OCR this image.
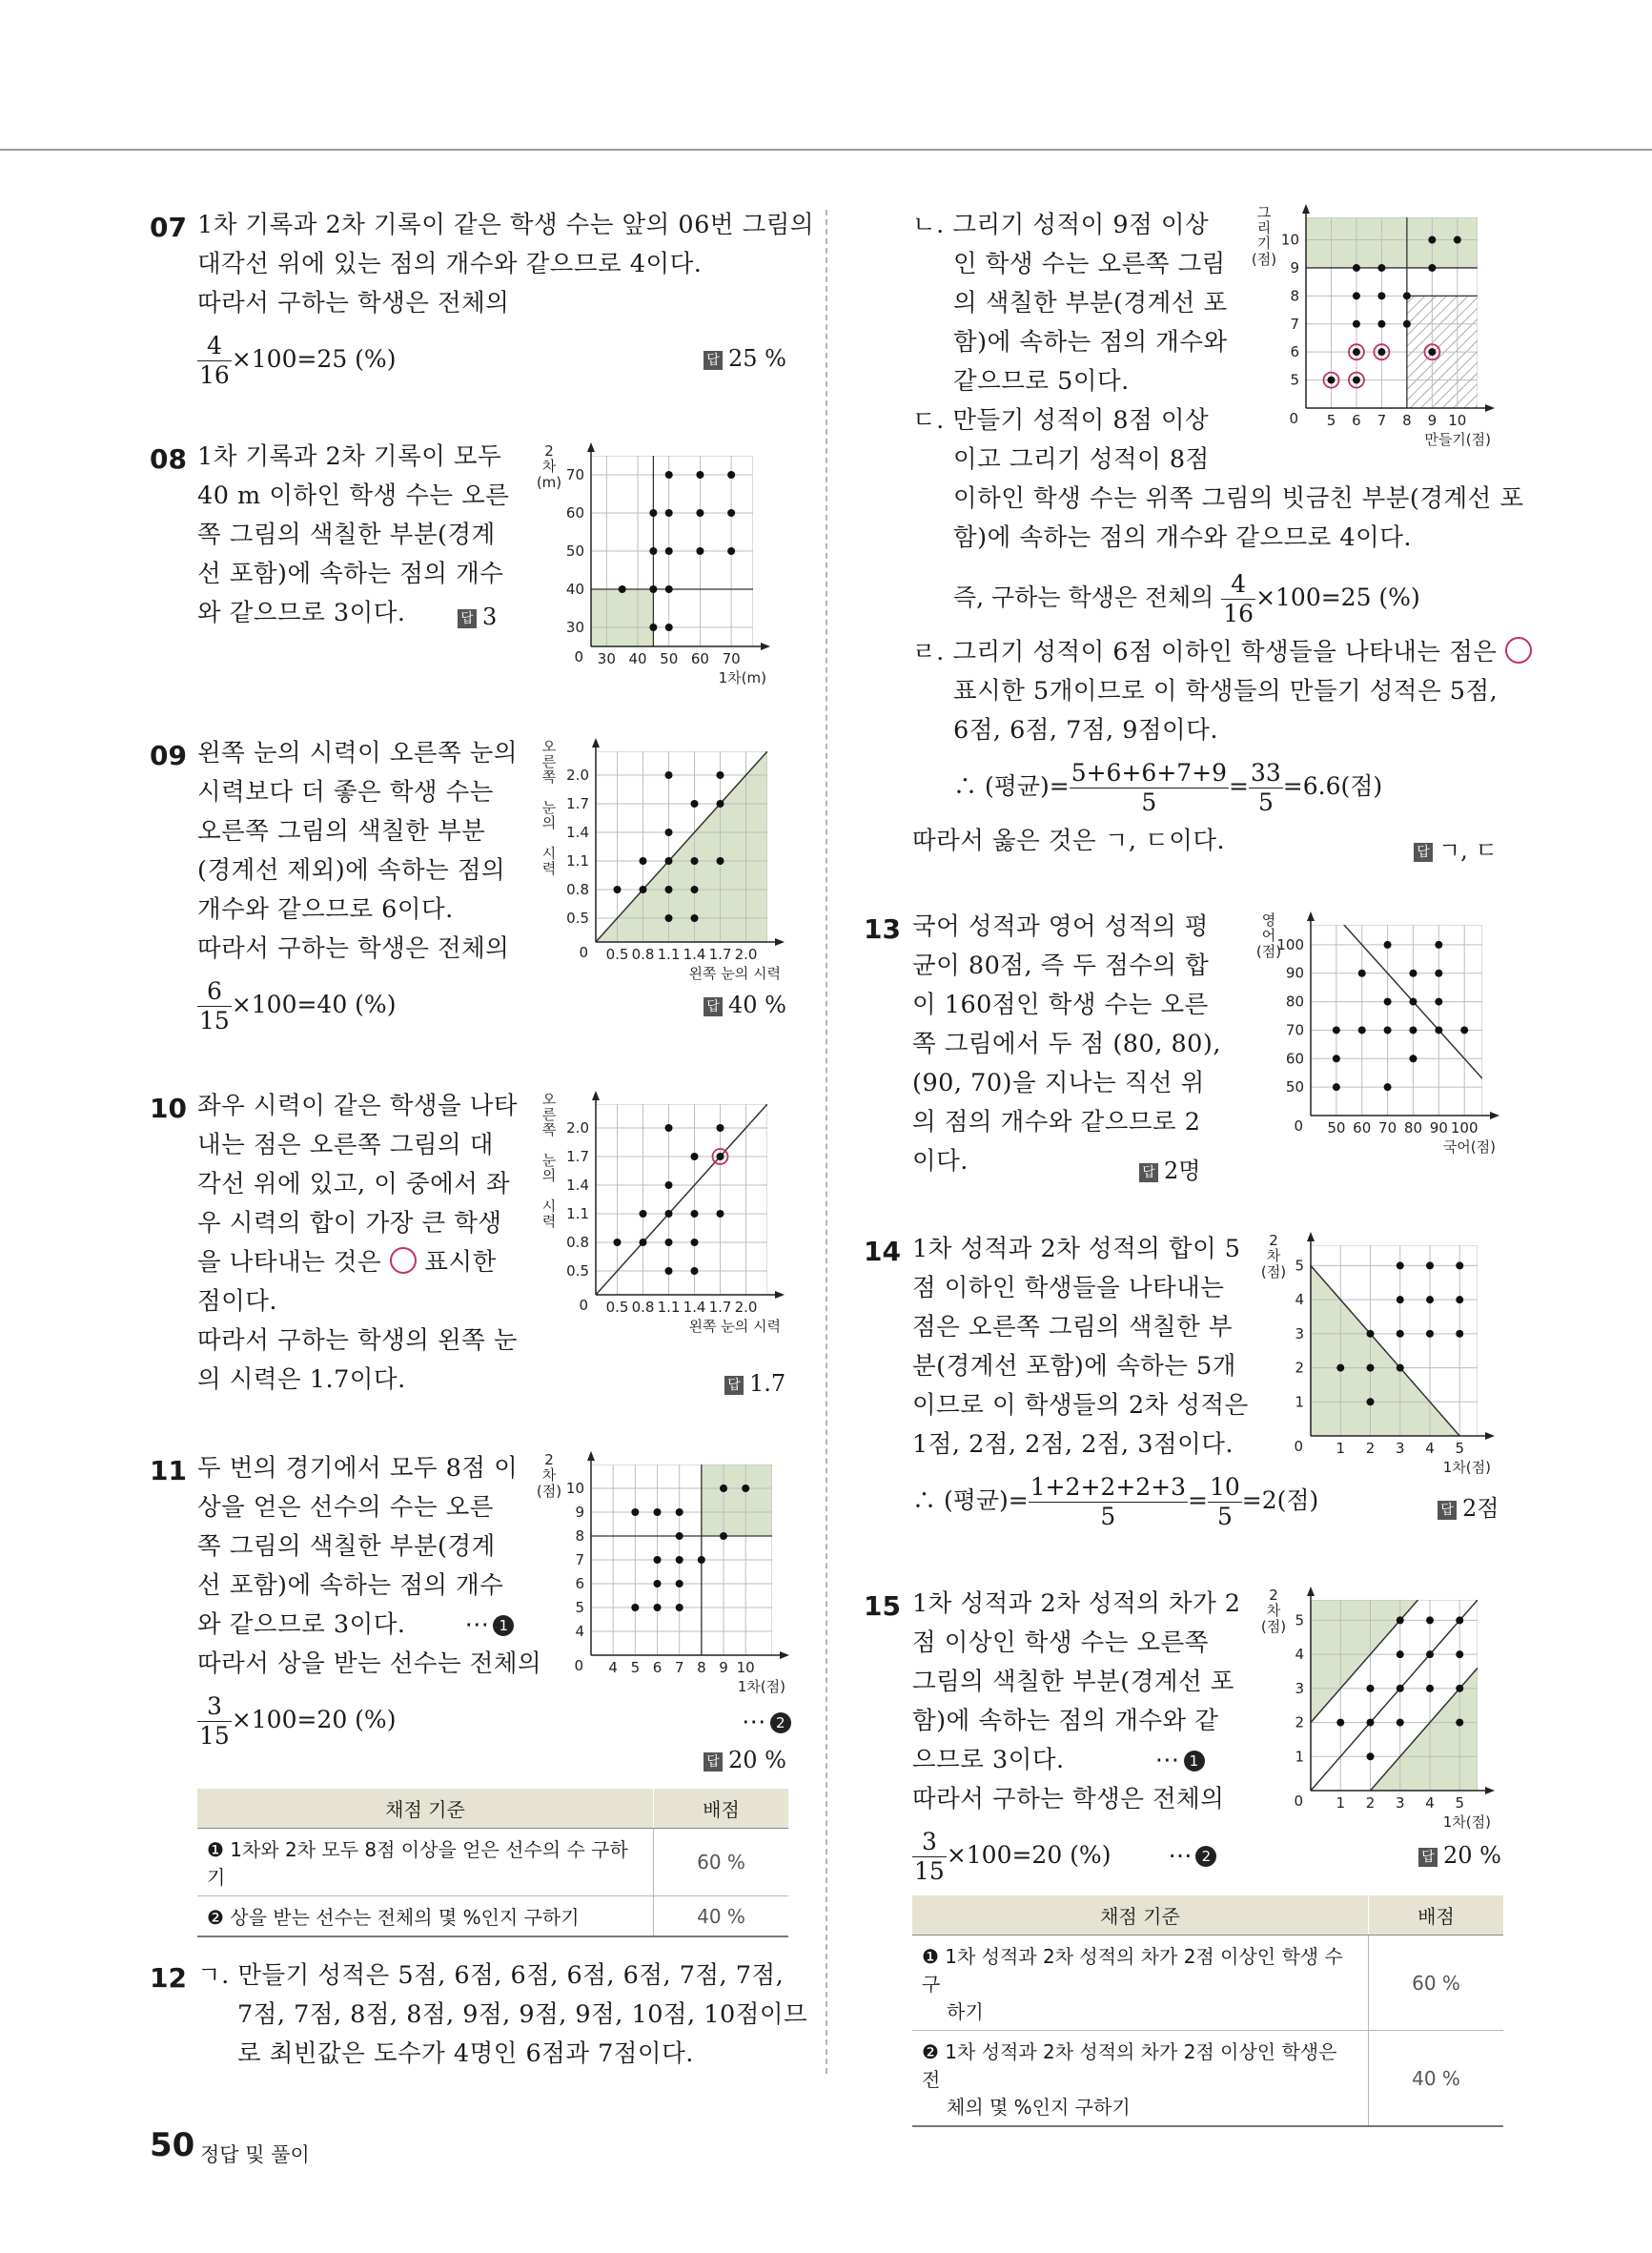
07 1차 기록과 2차 기록이 같은 학생 수는 앞의 06번 그림의
대각선 위에 있는 점의 개수와 같으므로 4이다.
따라서 구하는 학생은 전체의
$\frac{4}{16} \times 100=25$ (%)	답 25 %
08 1차 기록과 2차 기록이 모두
40 m 이하인 학생 수는 오른
쪽 그림의 색칠한 부분(경계
선 포함)에 속하는 점의 개수
와 같으므로 3이다.	답 3
0 30 40 50 60 70
30
40
50
60
70
1차(m)
2 차 (m)
09 왼쪽 눈의 시력이 오른쪽 눈의
시력보다 더 좋은 학생 수는
오른쪽 그림의 색칠한 부분
(경계선 제외)에 속하는 점의
개수와 같으므로 6이다.
따라서 구하는 학생은 전체의
$\frac{6}{15} \times 100=40$ (%)	답 40 %
0 0.5 0.8 1.1 1.4 1.7 2.0
0.5
0.8
1.1
1.4
1.7
2.0
왼쪽 눈의 시력
오 른 쪽 눈 의 시 력
10 좌우 시력이 같은 학생을 나타
내는 점은 오른쪽 그림의 대
각선 위에 있고, 이 중에서 좌
우 시력의 합이 가장 큰 학생
을 나타내는 것은 ○ 표시한
점이다.
따라서 구하는 학생의 왼쪽 눈
의 시력은 1.7이다.	답 1.7
0 0.5 0.8 1.1 1.4 1.7 2.0
0.5
0.8
1.1
1.4
1.7
2.0
왼쪽 눈의 시력
오 른 쪽 눈 의 시 력
11 두 번의 경기에서 모두 8점 이
상을 얻은 선수의 수는 오른
쪽 그림의 색칠한 부분(경계
선 포함)에 속하는 점의 개수
와 같으므로 3이다. ⋯ 1
따라서 상을 받는 선수는 전체의
$\frac{3}{15} \times 100=20$ (%)	⋯ 2
답 20 %
0 4 5 6 7 8 9 10
4
5
6
7
8
9
10
1차(점)
2 차 (점)
채점 기준	배점
❶ 1차와 2차 모두 8점 이상을 얻은 선수의 수 구하기	60 %
❷ 상을 받는 선수는 전체의 몇 %인지 구하기	40 %
12 ㄱ. 만들기 성적은 5점, 6점, 6점, 6점, 6점, 7점, 7점,
7점, 7점, 8점, 8점, 9점, 9점, 9점, 10점, 10점이므
로 최빈값은 도수가 4명인 6점과 7점이다.
ㄴ. 그리기 성적이 9점 이상
인 학생 수는 오른쪽 그림
의 색칠한 부분(경계선 포
함)에 속하는 점의 개수와
같으므로 5이다.
0 5 6 7 8 9 10
5
6
7
8
9
10
만들기(점)
그 리 기 (점)
ㄷ. 만들기 성적이 8점 이상
이고 그리기 성적이 8점
이하인 학생 수는 위쪽 그림의 빗금친 부분(경계선 포
함)에 속하는 점의 개수와 같으므로 4이다.
즉, 구하는 학생은 전체의 $\frac{4}{16} \times 100=25$ (%)
ㄹ. 그리기 성적이 6점 이하인 학생들을 나타내는 점은
표시한 5개이므로 이 학생들의 만들기 성적은 5점,
6점, 6점, 7점, 9점이다.
∴ (평균)= $\frac{5+6+6+7+9}{5} = \frac{33}{5} =6.6$(점)
따라서 옳은 것은 ㄱ, ㄷ이다.	답 ㄱ, ㄷ
13 국어 성적과 영어 성적의 평
균이 80점, 즉 두 점수의 합
이 160점인 학생 수는 오른
쪽 그림에서 두 점 (80, 80),
(90, 70)을 지나는 직선 위
의 점의 개수와 같으므로 2
이다.	답 2명
0 50 60 70 80 90 100
50
60
70
80
90
100
국어(점)
영 어 (점)
14 1차 성적과 2차 성적의 합이 5
점 이하인 학생들을 나타내는
점은 오른쪽 그림의 색칠한 부
분(경계선 포함)에 속하는 5개
이므로 이 학생들의 2차 성적은
1점, 2점, 2점, 2점, 3점이다.
∴ (평균)= $\frac{1+2+2+2+3}{5} = \frac{10}{5} =2$(점)	답 2점
0 1 2 3 4 5
1
2
3
4
5
1차(점)
2 차 (점)
15 1차 성적과 2차 성적의 차가 2
점 이상인 학생 수는 오른쪽
그림의 색칠한 부분(경계선 포
함)에 속하는 점의 개수와 같
으므로 3이다.	⋯ 1
따라서 구하는 학생은 전체의
$\frac{3}{15} \times 100=20$ (%) ⋯ 2	답 20 %
0 1 2 3 4 5
1
2
3
4
5
1차(점)
2 차 (점)
채점 기준	배점
❶ 1차 성적과 2차 성적의 차가 2점 이상인 학생 수 구
하기	60 %
❷ 1차 성적과 2차 성적의 차가 2점 이상인 학생은 전
체의 몇 %인지 구하기	40 %
50 정답 및 풀이
